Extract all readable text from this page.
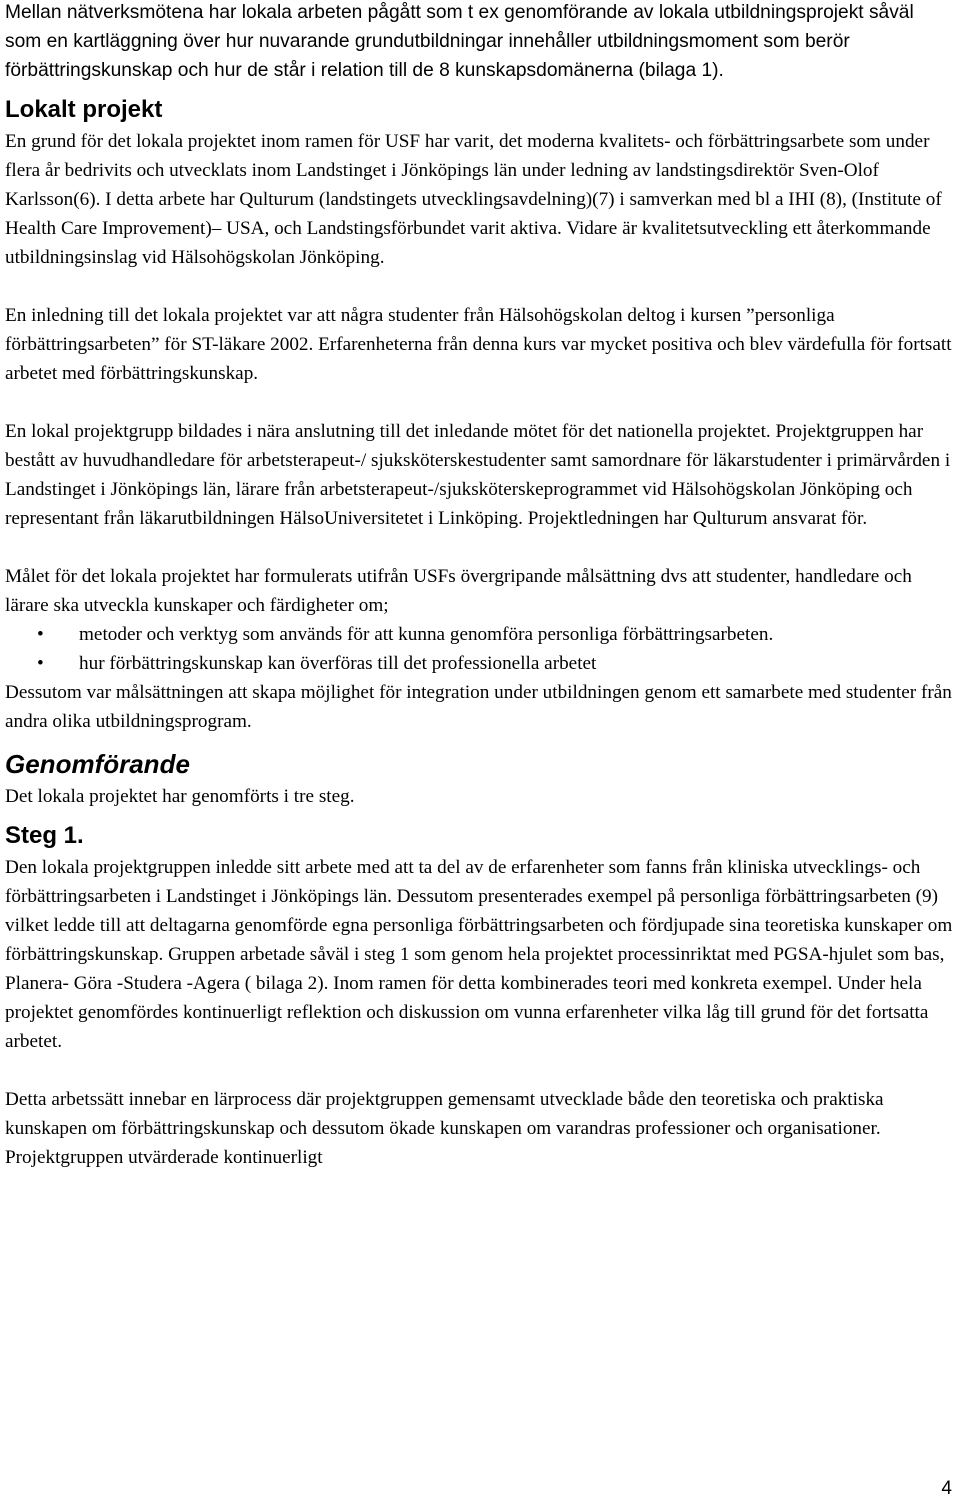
Mellan nätverksmötena har lokala arbeten pågått som t ex genomförande av lokala utbildningsprojekt såväl som en kartläggning över hur nuvarande grundutbildningar innehåller utbildningsmoment som berör förbättringskunskap och hur de står i relation till de 8 kunskapsdomänerna (bilaga 1).

Lokalt projekt

En grund för det lokala projektet inom ramen för USF har varit, det moderna kvalitets- och förbättringsarbete som under flera år bedrivits och utvecklats inom Landstinget i Jönköpings län under ledning av landstingsdirektör Sven-Olof Karlsson(6). I detta arbete har Qulturum (landstingets utvecklingsavdelning)(7) i samverkan med bl a IHI (8), (Institute of Health Care Improvement)– USA, och Landstingsförbundet varit aktiva. Vidare är kvalitetsutveckling ett återkommande utbildningsinslag vid Hälsohögskolan Jönköping.

En inledning till det lokala projektet var att några studenter från Hälsohögskolan deltog i kursen ”personliga förbättringsarbeten” för ST-läkare 2002. Erfarenheterna från denna kurs var mycket positiva och blev värdefulla för fortsatt arbetet med förbättringskunskap.

En lokal projektgrupp bildades i nära anslutning till det inledande mötet för det nationella projektet. Projektgruppen har bestått av huvudhandledare för arbetsterapeut-/ sjuksköterskestudenter samt samordnare för läkarstudenter i primärvården i Landstinget i Jönköpings län, lärare från arbetsterapeut-/sjuksköterskeprogrammet vid Hälsohögskolan Jönköping och representant från läkarutbildningen HälsoUniversitetet i Linköping. Projektledningen har Qulturum ansvarat för.

Målet för det lokala projektet har formulerats utifrån USFs övergripande målsättning dvs att studenter, handledare och lärare ska utveckla kunskaper och färdigheter om;

• metoder och verktyg som används för att kunna genomföra personliga förbättringsarbeten.
• hur förbättringskunskap kan överföras till det professionella arbetet

Dessutom var målsättningen att skapa möjlighet för integration under utbildningen genom ett samarbete med studenter från andra olika utbildningsprogram.

Genomförande

Det lokala projektet har genomförts i tre steg.

Steg 1.

Den lokala projektgruppen inledde sitt arbete med att ta del av de erfarenheter som fanns från kliniska utvecklings- och förbättringsarbeten i Landstinget i Jönköpings län. Dessutom presenterades exempel på personliga förbättringsarbeten (9) vilket ledde till att deltagarna genomförde egna personliga förbättringsarbeten och fördjupade sina teoretiska kunskaper om förbättringskunskap. Gruppen arbetade såväl i steg 1 som genom hela projektet processinriktat med PGSA-hjulet som bas, Planera- Göra -Studera -Agera ( bilaga 2). Inom ramen för detta kombinerades teori med konkreta exempel. Under hela projektet genomfördes kontinuerligt reflektion och diskussion om vunna erfarenheter vilka låg till grund för det fortsatta arbetet.

Detta arbetssätt innebar en lärprocess där projektgruppen gemensamt utvecklade både den teoretiska och praktiska kunskapen om förbättringskunskap och dessutom ökade kunskapen om varandras professioner och organisationer. Projektgruppen utvärderade kontinuerligt

4
